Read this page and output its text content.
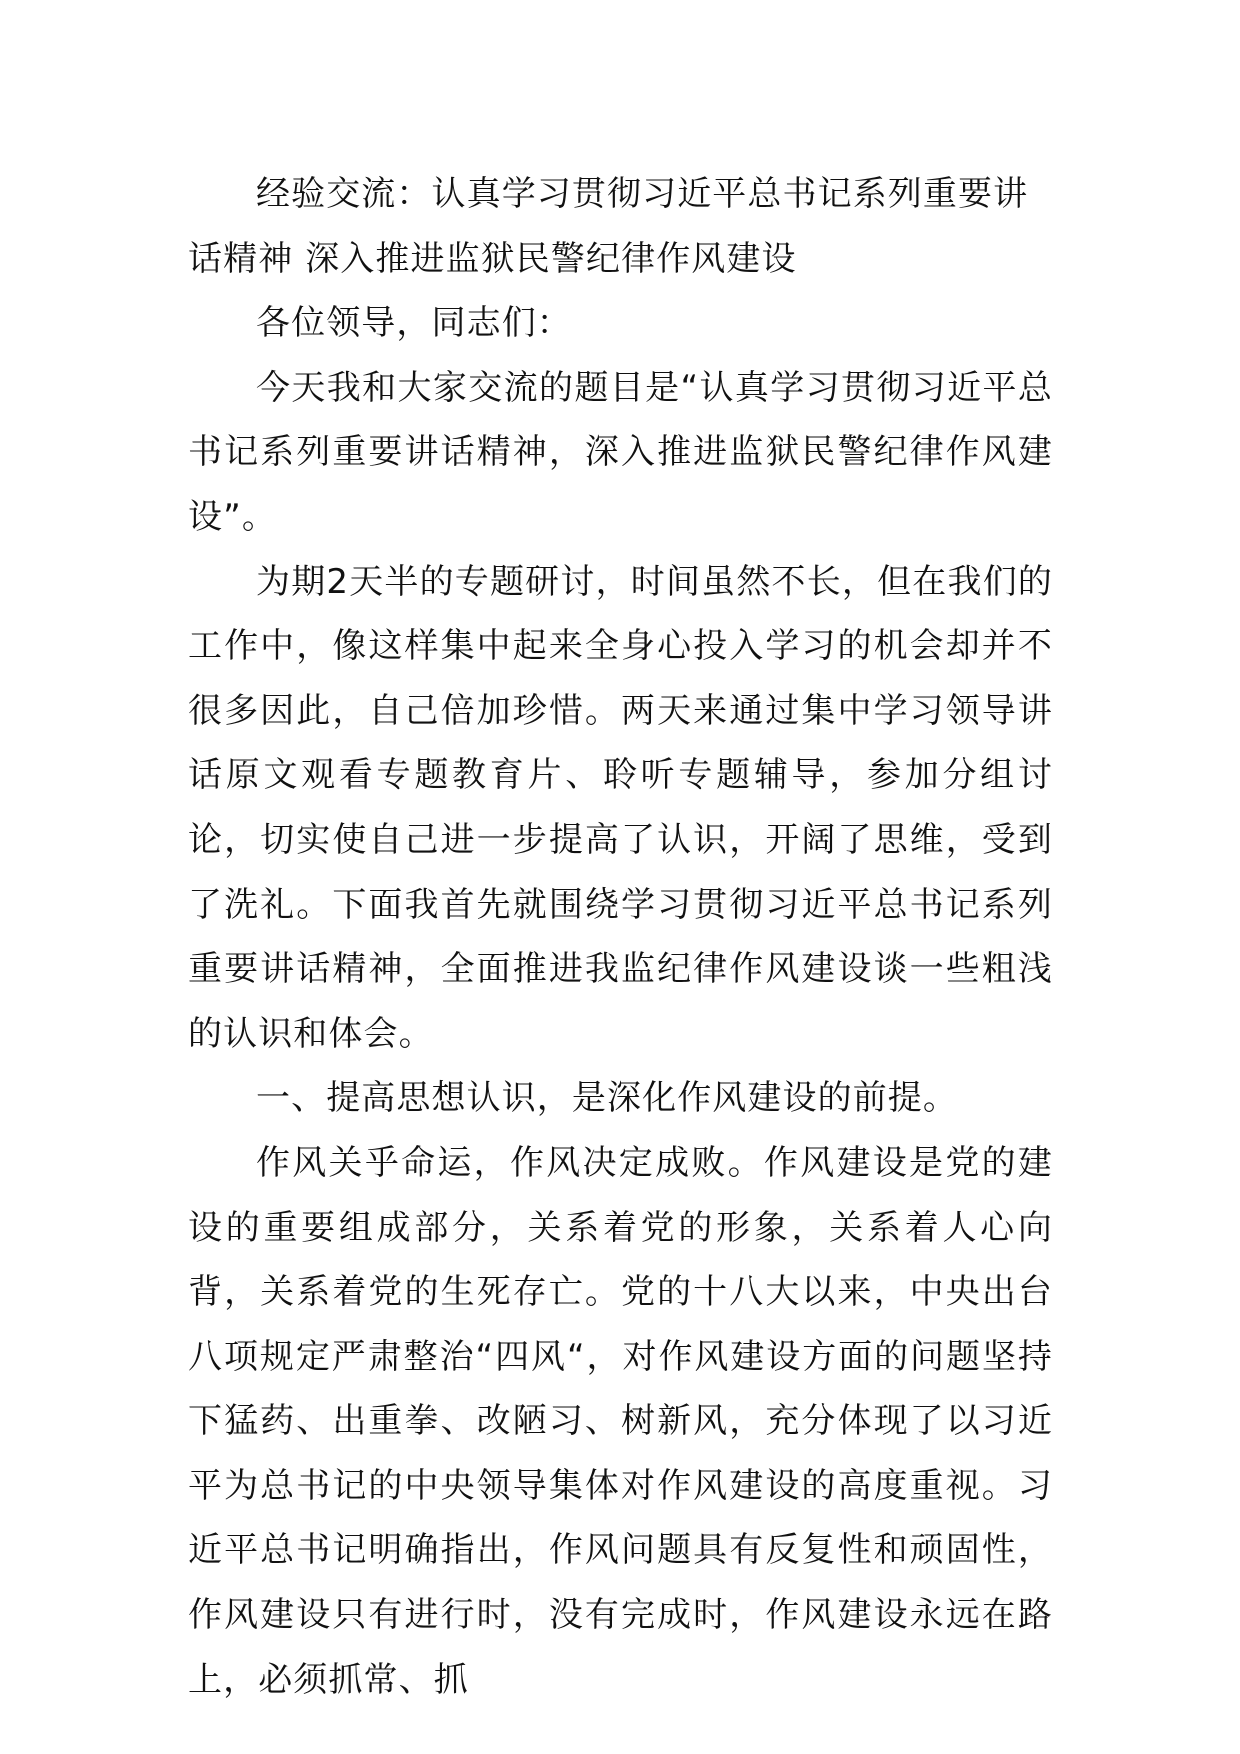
经验交流：认真学习贯彻习近平总书记系列重要讲话精神 深入推进监狱民警纪律作风建设

各位领导，同志们：

今天我和大家交流的题目是“认真学习贯彻习近平总书记系列重要讲话精神，深入推进监狱民警纪律作风建设”。

为期2天半的专题研讨，时间虽然不长，但在我们的工作中，像这样集中起来全身心投入学习的机会却并不很多因此，自己倍加珍惜。两天来通过集中学习领导讲话原文观看专题教育片、聆听专题辅导，参加分组讨论，切实使自己进一步提高了认识，开阔了思维，受到了洗礼。下面我首先就围绕学习贯彻习近平总书记系列重要讲话精神，全面推进我监纪律作风建设谈一些粗浅的认识和体会。

一、提高思想认识，是深化作风建设的前提。

作风关乎命运，作风决定成败。作风建设是党的建设的重要组成部分，关系着党的形象，关系着人心向背，关系着党的生死存亡。党的十八大以来，中央出台八项规定严肃整治“四风“，对作风建设方面的问题坚持下猛药、出重拳、改陋习、树新风，充分体现了以习近平为总书记的中央领导集体对作风建设的高度重视。习近平总书记明确指出，作风问题具有反复性和顽固性，作风建设只有进行时，没有完成时，作风建设永远在路上，必须抓常、抓
